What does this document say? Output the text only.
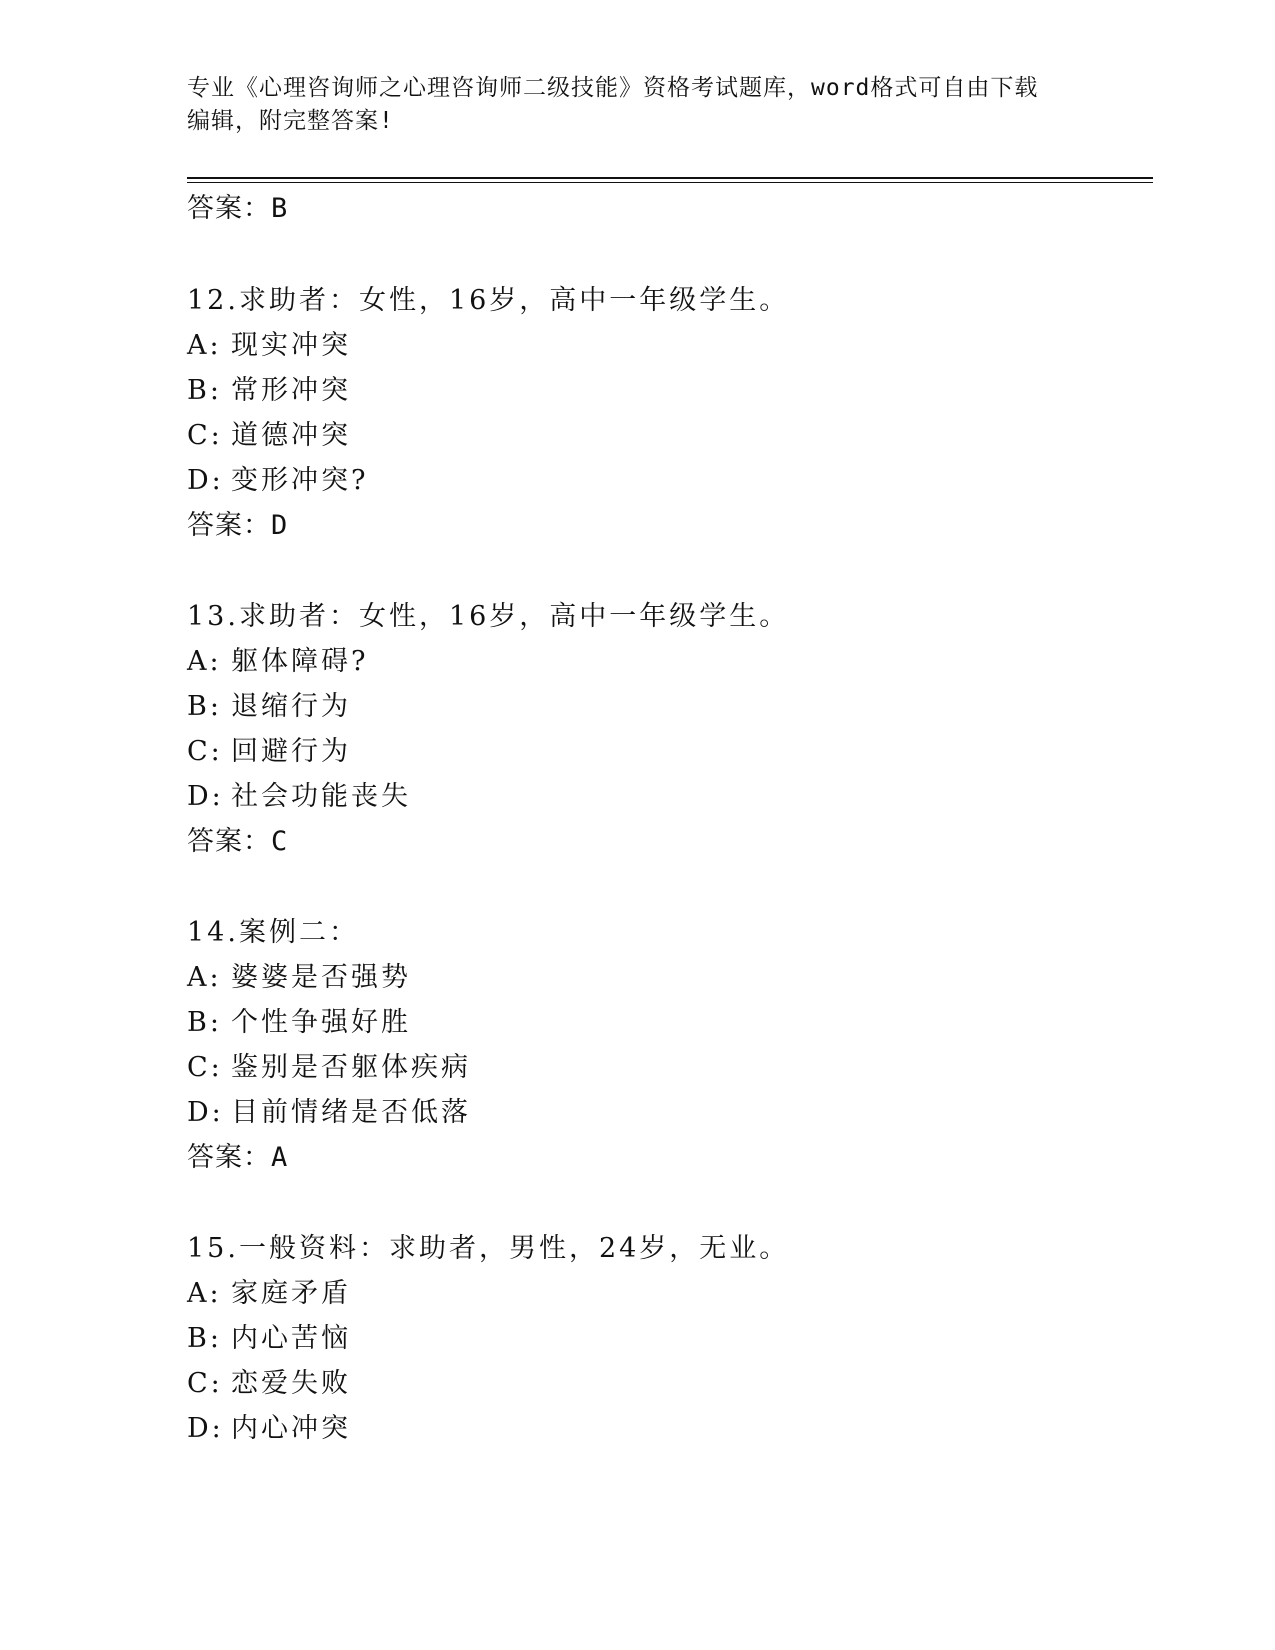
专业《心理咨询师之心理咨询师二级技能》资格考试题库，word格式可自由下载
编辑，附完整答案!
答案：B
12.求助者：女性，16岁，高中一年级学生。
A: 现实冲突
B: 常形冲突
C: 道德冲突
D: 变形冲突?
答案：D
13.求助者：女性，16岁，高中一年级学生。
A: 躯体障碍?
B: 退缩行为
C: 回避行为
D: 社会功能丧失
答案：C
14.案例二：
A: 婆婆是否强势
B: 个性争强好胜
C: 鉴别是否躯体疾病
D: 目前情绪是否低落
答案：A
15.一般资料：求助者，男性，24岁，无业。
A: 家庭矛盾
B: 内心苦恼
C: 恋爱失败
D: 内心冲突
